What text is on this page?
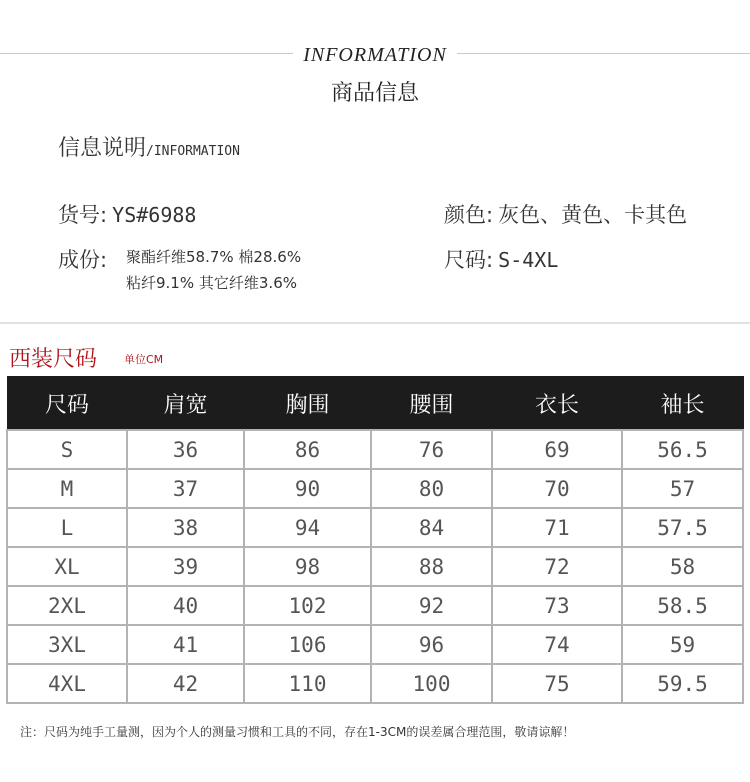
INFORMATION
商品信息
信息说明/INFORMATION
货号: YS#6988	颜色: 灰色、黄色、卡其色
成份: 聚酯纤维58.7% 棉28.6%
粘纤9.1% 其它纤维3.6%
尺码: S-4XL
西装尺码 单位CM
尺码	肩宽	胸围	腰围	衣长	袖长
S	36	86	76	69	56.5
M	37	90	80	70	57
L	38	94	84	71	57.5
XL	39	98	88	72	58
2XL	40	102	92	73	58.5
3XL	41	106	96	74	59
4XL	42	110	100	75	59.5
注：尺码为纯手工量测，因为个人的测量习惯和工具的不同，存在1-3CM的误差属合理范围，敬请谅解！
